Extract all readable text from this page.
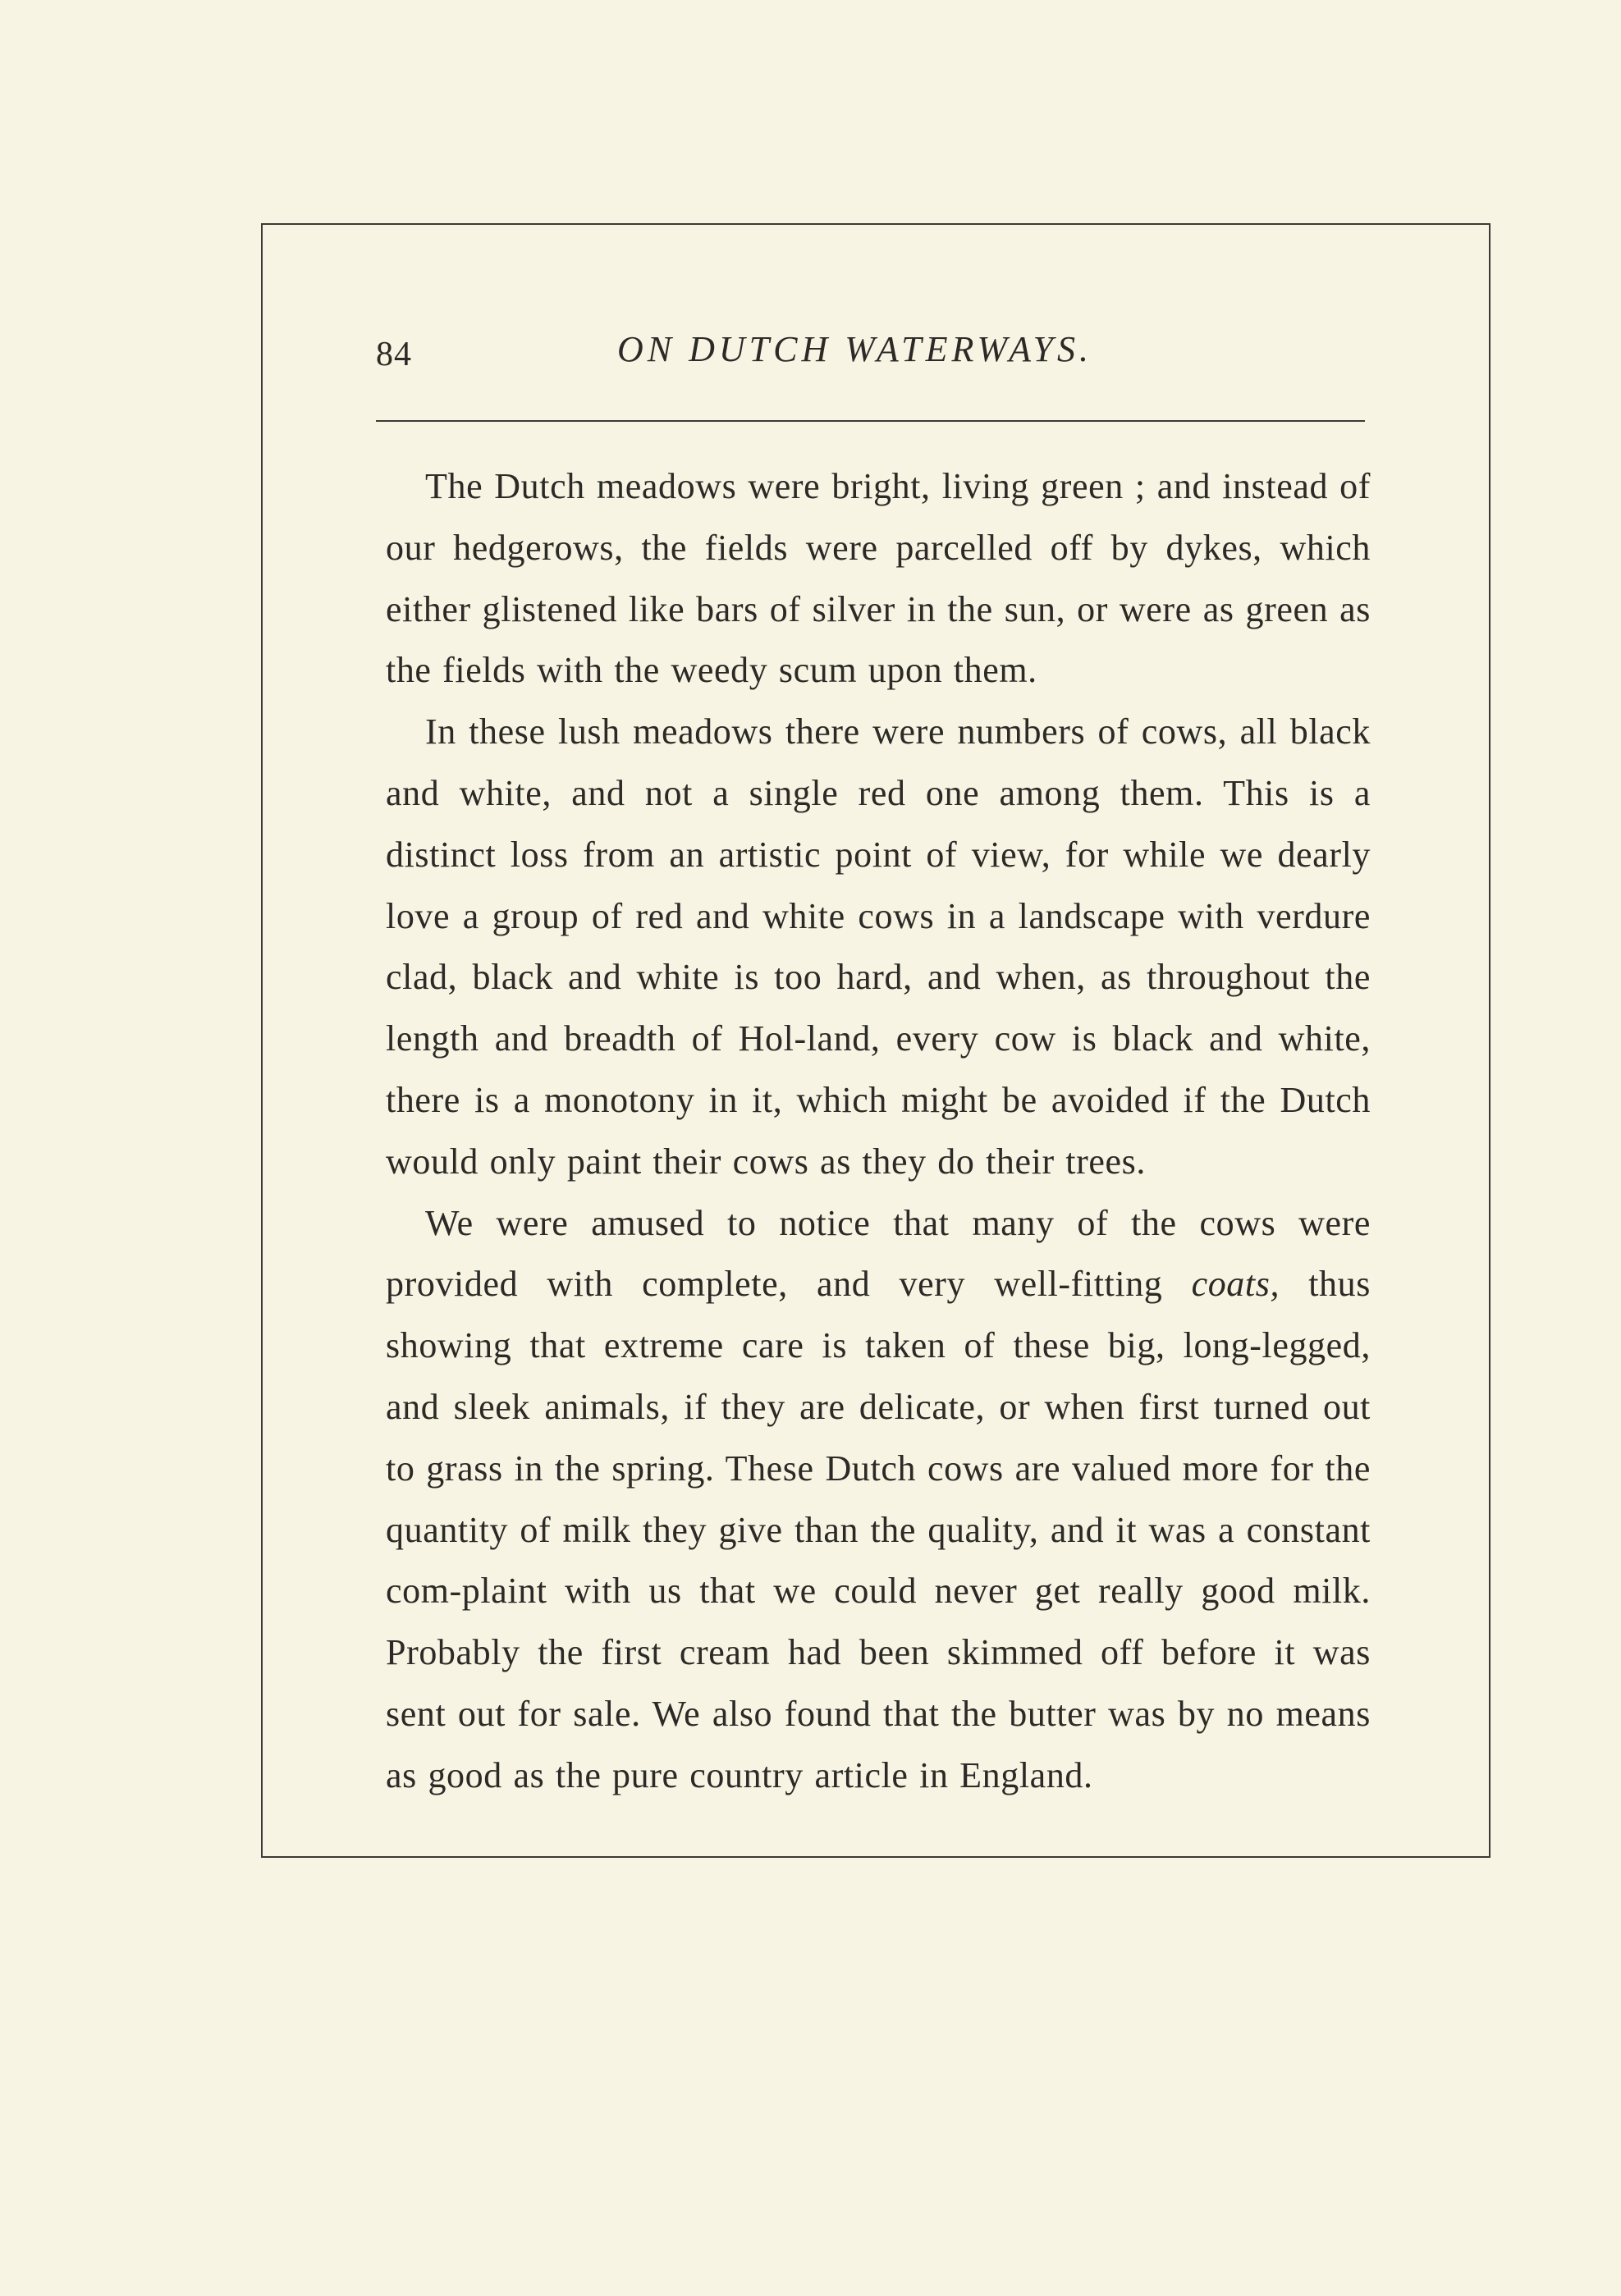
84	ON DUTCH WATERWAYS.

The Dutch meadows were bright, living green ; and instead of our hedgerows, the fields were parcelled off by dykes, which either glistened like bars of silver in the sun, or were as green as the fields with the weedy scum upon them.

In these lush meadows there were numbers of cows, all black and white, and not a single red one among them. This is a distinct loss from an artistic point of view, for while we dearly love a group of red and white cows in a landscape with verdure clad, black and white is too hard, and when, as throughout the length and breadth of Hol-land, every cow is black and white, there is a monotony in it, which might be avoided if the Dutch would only paint their cows as they do their trees.

We were amused to notice that many of the cows were provided with complete, and very well-fitting coats, thus showing that extreme care is taken of these big, long-legged, and sleek animals, if they are delicate, or when first turned out to grass in the spring. These Dutch cows are valued more for the quantity of milk they give than the quality, and it was a constant com-plaint with us that we could never get really good milk. Probably the first cream had been skimmed off before it was sent out for sale. We also found that the butter was by no means as good as the pure country article in England.
